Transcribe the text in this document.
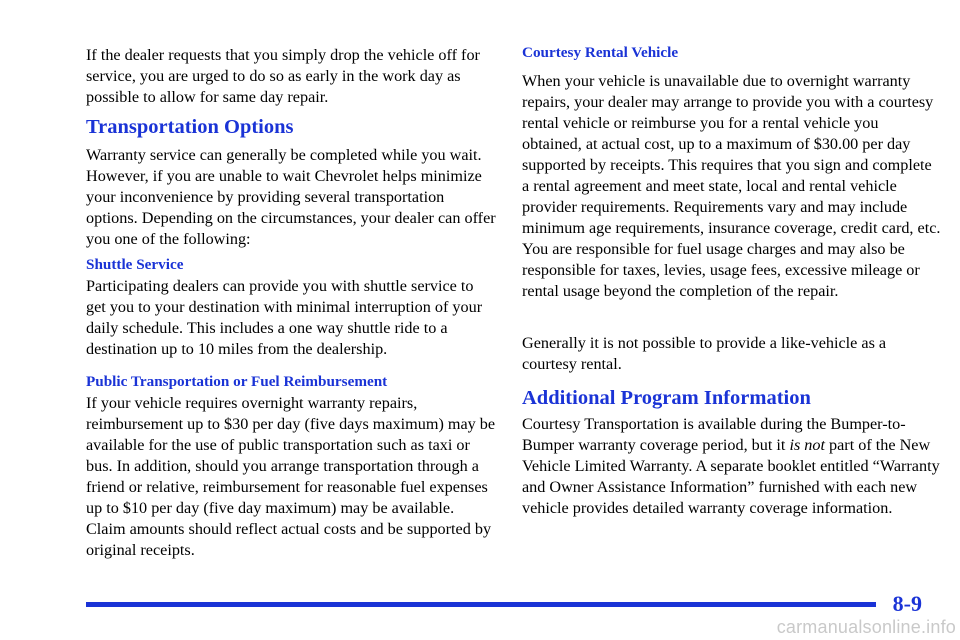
If the dealer requests that you simply drop the vehicle off for service, you are urged to do so as early in the work day as possible to allow for same day repair.

Transportation Options

Warranty service can generally be completed while you wait. However, if you are unable to wait Chevrolet helps minimize your inconvenience by providing several transportation options. Depending on the circumstances, your dealer can offer you one of the following:

Shuttle Service

Participating dealers can provide you with shuttle service to get you to your destination with minimal interruption of your daily schedule. This includes a one way shuttle ride to a destination up to 10 miles from the dealership.

Public Transportation or Fuel Reimbursement

If your vehicle requires overnight warranty repairs, reimbursement up to $30 per day (five days maximum) may be available for the use of public transportation such as taxi or bus. In addition, should you arrange transportation through a friend or relative, reimbursement for reasonable fuel expenses up to $10 per day (five day maximum) may be available. Claim amounts should reflect actual costs and be supported by original receipts.

Courtesy Rental Vehicle

When your vehicle is unavailable due to overnight warranty repairs, your dealer may arrange to provide you with a courtesy rental vehicle or reimburse you for a rental vehicle you obtained, at actual cost, up to a maximum of $30.00 per day supported by receipts. This requires that you sign and complete a rental agreement and meet state, local and rental vehicle provider requirements. Requirements vary and may include minimum age requirements, insurance coverage, credit card, etc. You are responsible for fuel usage charges and may also be responsible for taxes, levies, usage fees, excessive mileage or rental usage beyond the completion of the repair.

Generally it is not possible to provide a like-vehicle as a courtesy rental.

Additional Program Information

Courtesy Transportation is available during the Bumper-to-Bumper warranty coverage period, but it is not part of the New Vehicle Limited Warranty. A separate booklet entitled “Warranty and Owner Assistance Information” furnished with each new vehicle provides detailed warranty coverage information.

8-9
carmanualsonline.info
